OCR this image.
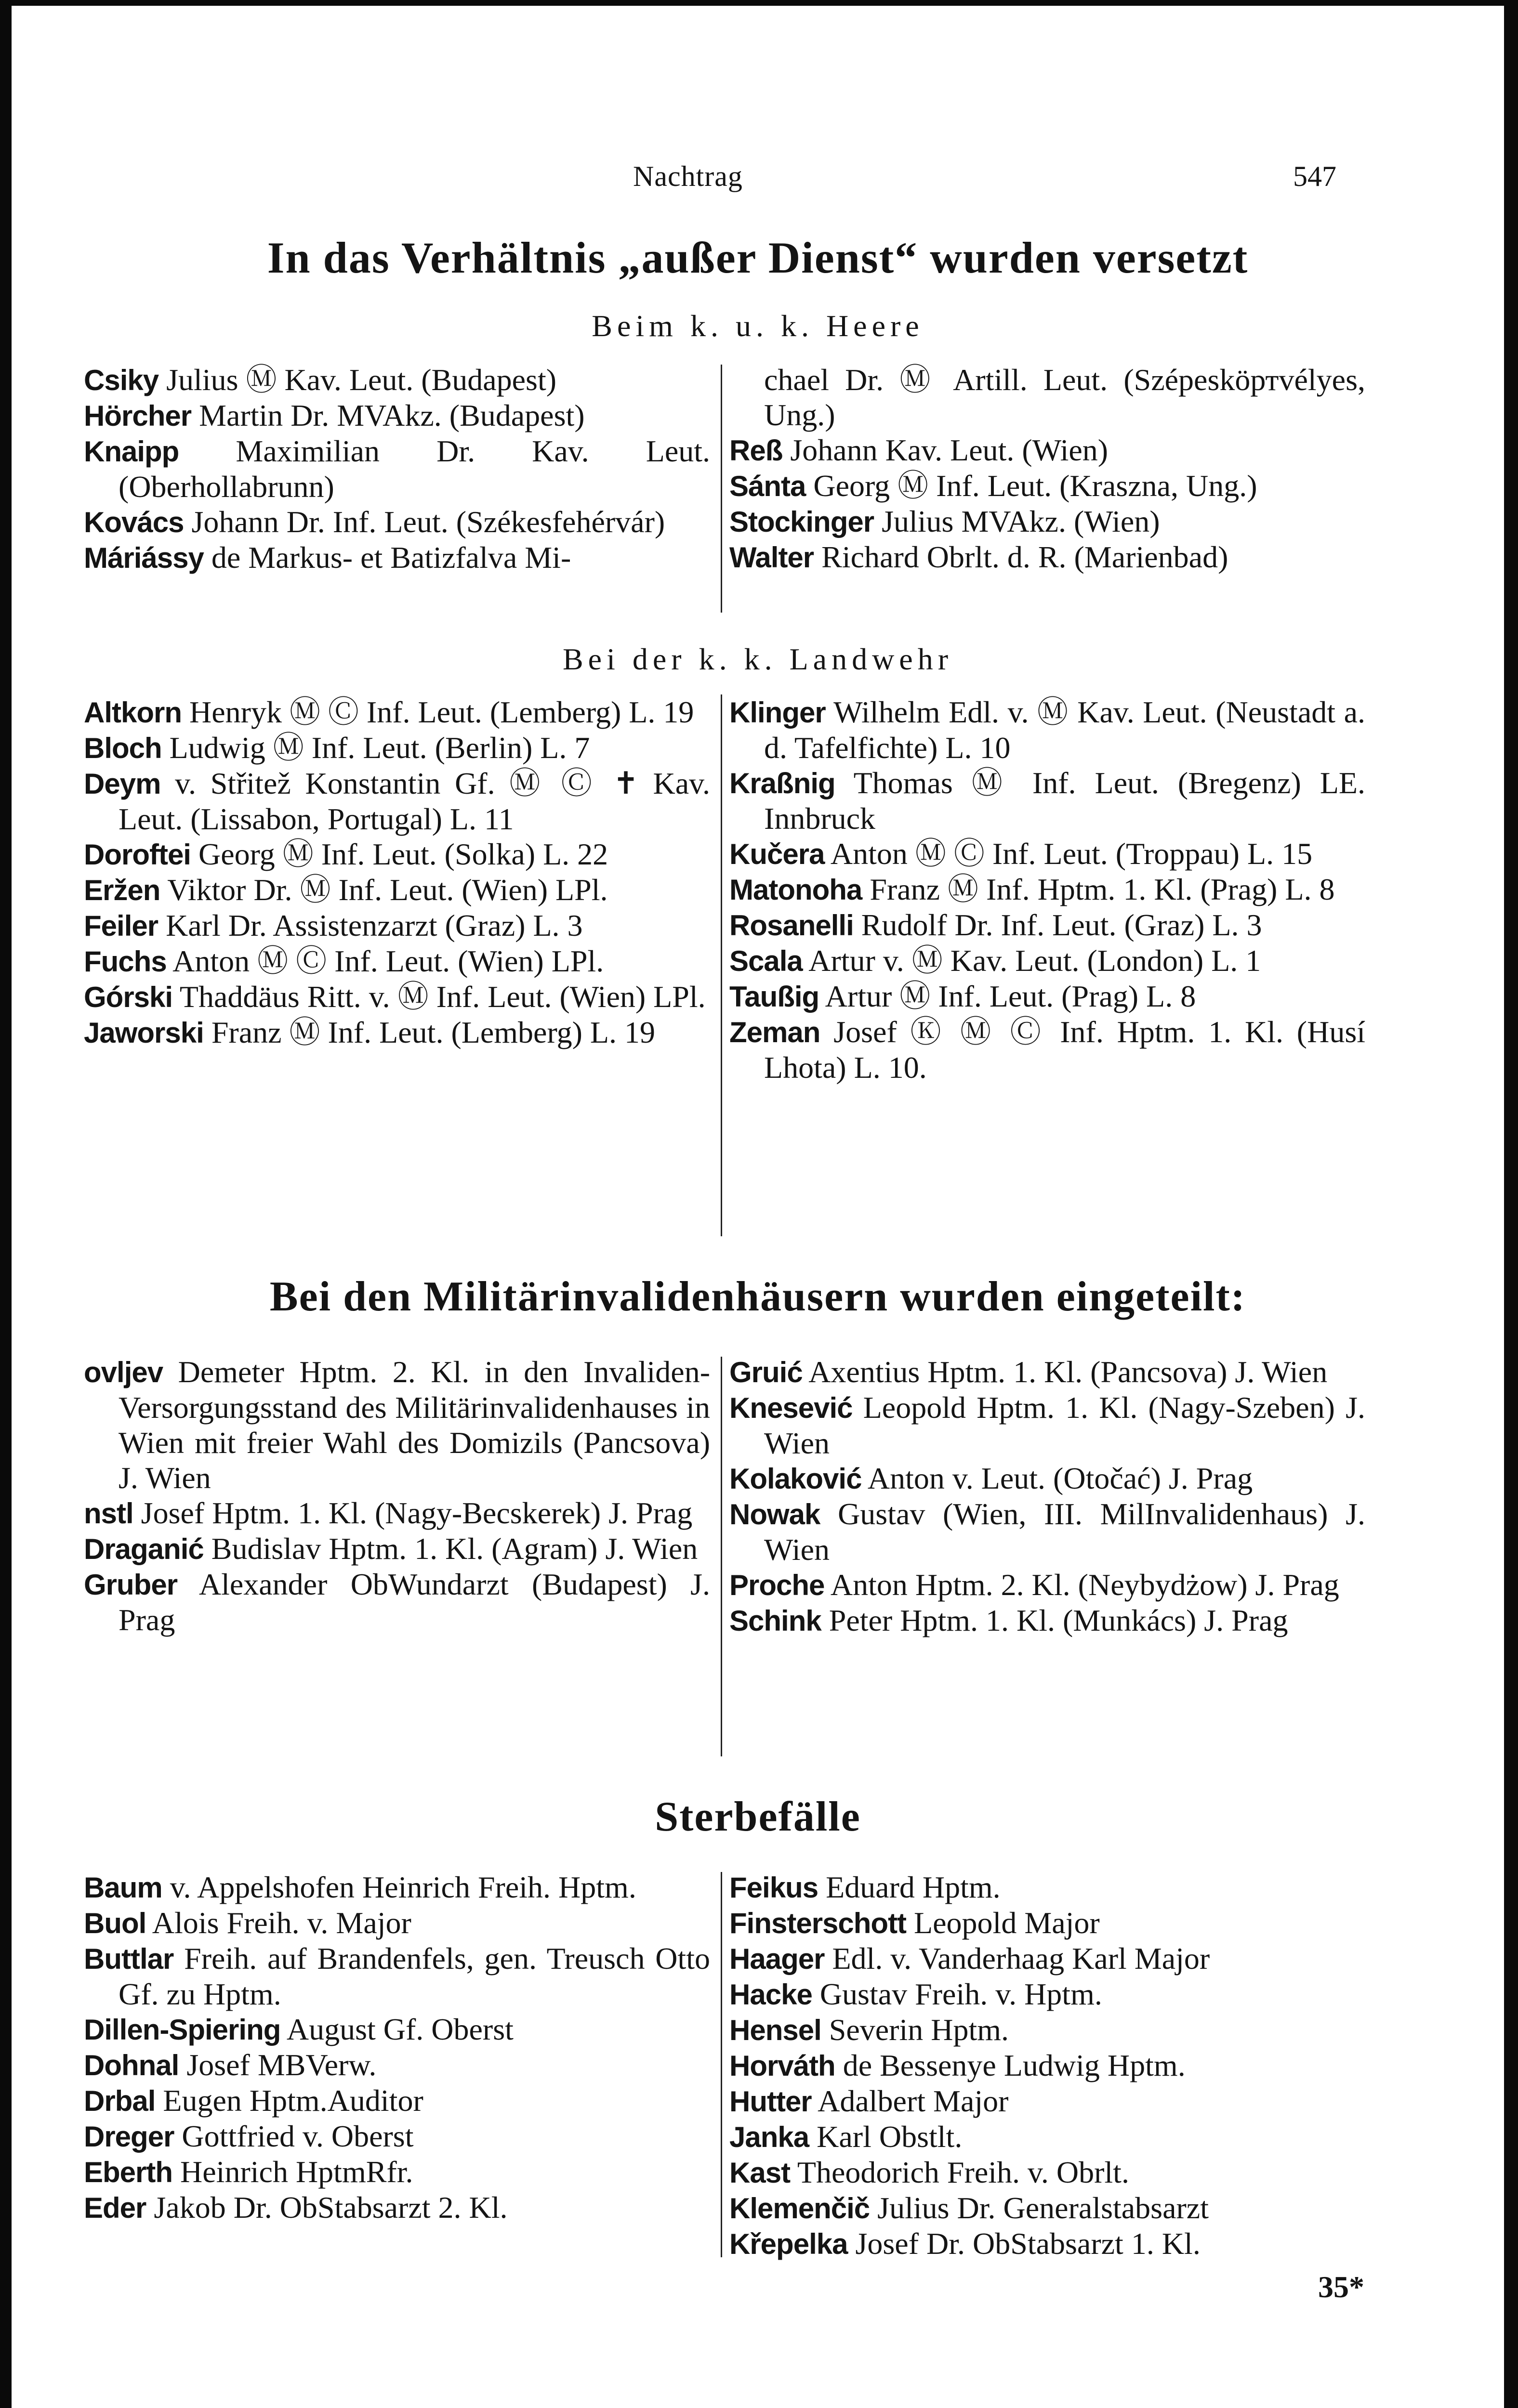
Nachtrag	547
In das Verhältnis „außer Dienst“ wurden versetzt
Beim k. u. k. Heere
Csiky Julius Ⓜ Kav. Leut. (Budapest)
Hörcher Martin Dr. MVAkz. (Budapest)
Knaipp Maximilian Dr. Kav. Leut. (Oberhollabrunn)
Kovács Johann Dr. Inf. Leut. (Székesfehérvár)
Máriássy de Markus- et Batizfalva Mi-
chael Dr. Ⓜ Artill. Leut. (Szépesköртvélyes, Ung.)
Reß Johann Kav. Leut. (Wien)
Sánta Georg Ⓜ Inf. Leut. (Kraszna, Ung.)
Stockinger Julius MVAkz. (Wien)
Walter Richard Obrlt. d. R. (Marienbad)
Bei der k. k. Landwehr
Altkorn Henryk Ⓜ Ⓒ Inf. Leut. (Lemberg) L. 19
Bloch Ludwig Ⓜ Inf. Leut. (Berlin) L. 7
Deym v. Střitež Konstantin Gf. Ⓜ Ⓒ ✝ Kav. Leut. (Lissabon, Portugal) L. 11
Doroftei Georg Ⓜ Inf. Leut. (Solka) L. 22
Eržen Viktor Dr. Ⓜ Inf. Leut. (Wien) LPl.
Feiler Karl Dr. Assistenzarzt (Graz) L. 3
Fuchs Anton Ⓜ Ⓒ Inf. Leut. (Wien) LPl.
Górski Thaddäus Ritt. v. Ⓜ Inf. Leut. (Wien) LPl.
Jaworski Franz Ⓜ Inf. Leut. (Lemberg) L. 19
Klinger Wilhelm Edl. v. Ⓜ Kav. Leut. (Neustadt a. d. Tafelfichte) L. 10
Kraßnig Thomas Ⓜ Inf. Leut. (Bregenz) LE. Innbruck
Kučera Anton Ⓜ Ⓒ Inf. Leut. (Troppau) L. 15
Matonoha Franz Ⓜ Inf. Hptm. 1. Kl. (Prag) L. 8
Rosanelli Rudolf Dr. Inf. Leut. (Graz) L. 3
Scala Artur v. Ⓜ Kav. Leut. (London) L. 1
Taußig Artur Ⓜ Inf. Leut. (Prag) L. 8
Zeman Josef Ⓚ Ⓜ Ⓒ Inf. Hptm. 1. Kl. (Husí Lhota) L. 10.
Bei den Militärinvalidenhäusern wurden eingeteilt:
ovljev Demeter Hptm. 2. Kl. in den Invaliden-Versorgungsstand des Militärinvalidenhauses in Wien mit freier Wahl des Domizils (Pancsova) J. Wien
nstl Josef Hptm. 1. Kl. (Nagy-Becskerek) J. Prag
Draganić Budislav Hptm. 1. Kl. (Agram) J. Wien
Gruber Alexander ObWundarzt (Budapest) J. Prag
Gruić Axentius Hptm. 1. Kl. (Pancsova) J. Wien
Knesević Leopold Hptm. 1. Kl. (Nagy-Szeben) J. Wien
Kolaković Anton v. Leut. (Otočać) J. Prag
Nowak Gustav (Wien, III. MilInvalidenhaus) J. Wien
Proche Anton Hptm. 2. Kl. (Neybydżow) J. Prag
Schink Peter Hptm. 1. Kl. (Munkács) J. Prag
Sterbefälle
Baum v. Appelshofen Heinrich Freih. Hptm.
Buol Alois Freih. v. Major
Buttlar Freih. auf Brandenfels, gen. Treusch Otto Gf. zu Hptm.
Dillen-Spiering August Gf. Oberst
Dohnal Josef MBVerw.
Drbal Eugen Hptm.Auditor
Dreger Gottfried v. Oberst
Eberth Heinrich HptmRfr.
Eder Jakob Dr. ObStabsarzt 2. Kl.
Feikus Eduard Hptm.
Finsterschott Leopold Major
Haager Edl. v. Vanderhaag Karl Major
Hacke Gustav Freih. v. Hptm.
Hensel Severin Hptm.
Horváth de Bessenye Ludwig Hptm.
Hutter Adalbert Major
Janka Karl Obstlt.
Kast Theodorich Freih. v. Obrlt.
Klemenčič Julius Dr. Generalstabsarzt
Křepelka Josef Dr. ObStabsarzt 1. Kl.
35*
